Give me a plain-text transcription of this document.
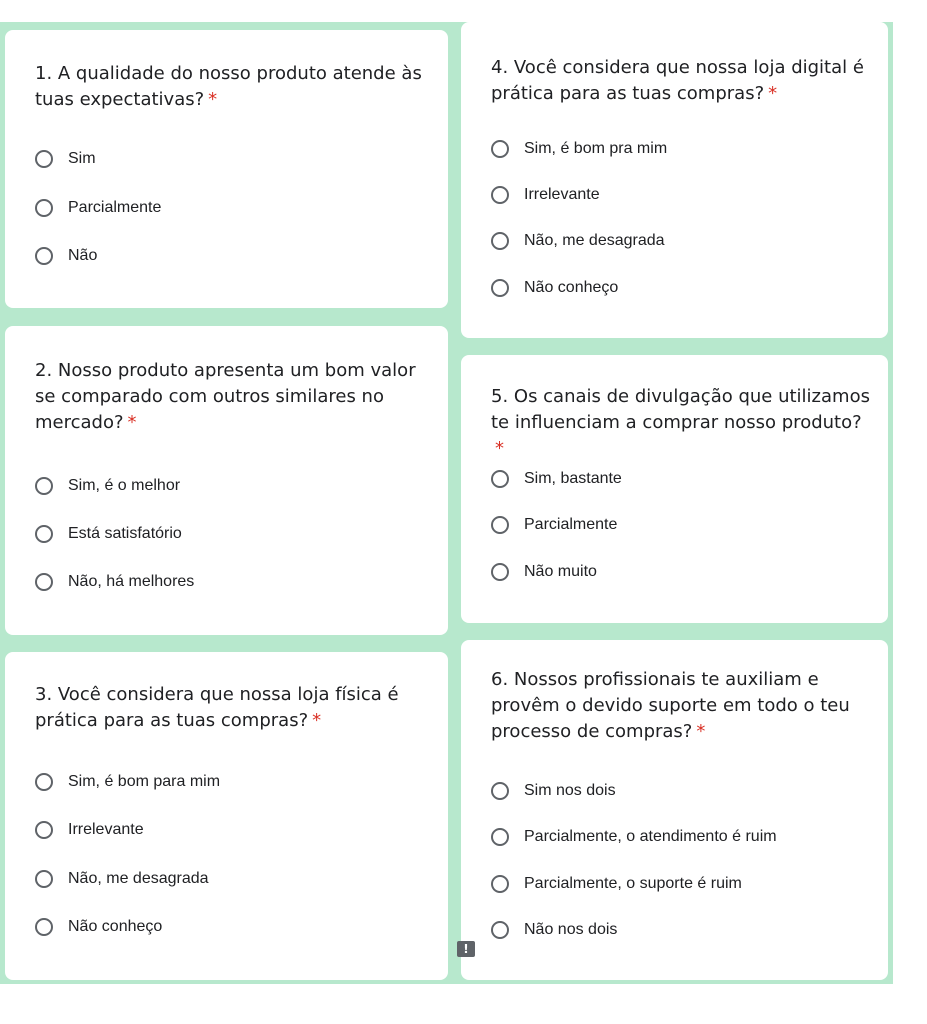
1. A qualidade do nosso produto atende às tuas expectativas? *
Sim
Parcialmente
Não
2. Nosso produto apresenta um bom valor se comparado com outros similares no mercado? *
Sim, é o melhor
Está satisfatório
Não, há melhores
3. Você considera que nossa loja física é prática para as tuas compras? *
Sim, é bom para mim
Irrelevante
Não, me desagrada
Não conheço
4. Você considera que nossa loja digital é prática para as tuas compras? *
Sim, é bom pra mim
Irrelevante
Não, me desagrada
Não conheço
5. Os canais de divulgação que utilizamos te influenciam a comprar nosso produto?*
Sim, bastante
Parcialmente
Não muito
6. Nossos profissionais te auxiliam e provêm o devido suporte em todo o teu processo de compras? *
Sim nos dois
Parcialmente, o atendimento é ruim
Parcialmente, o suporte é ruim
Não nos dois
!
